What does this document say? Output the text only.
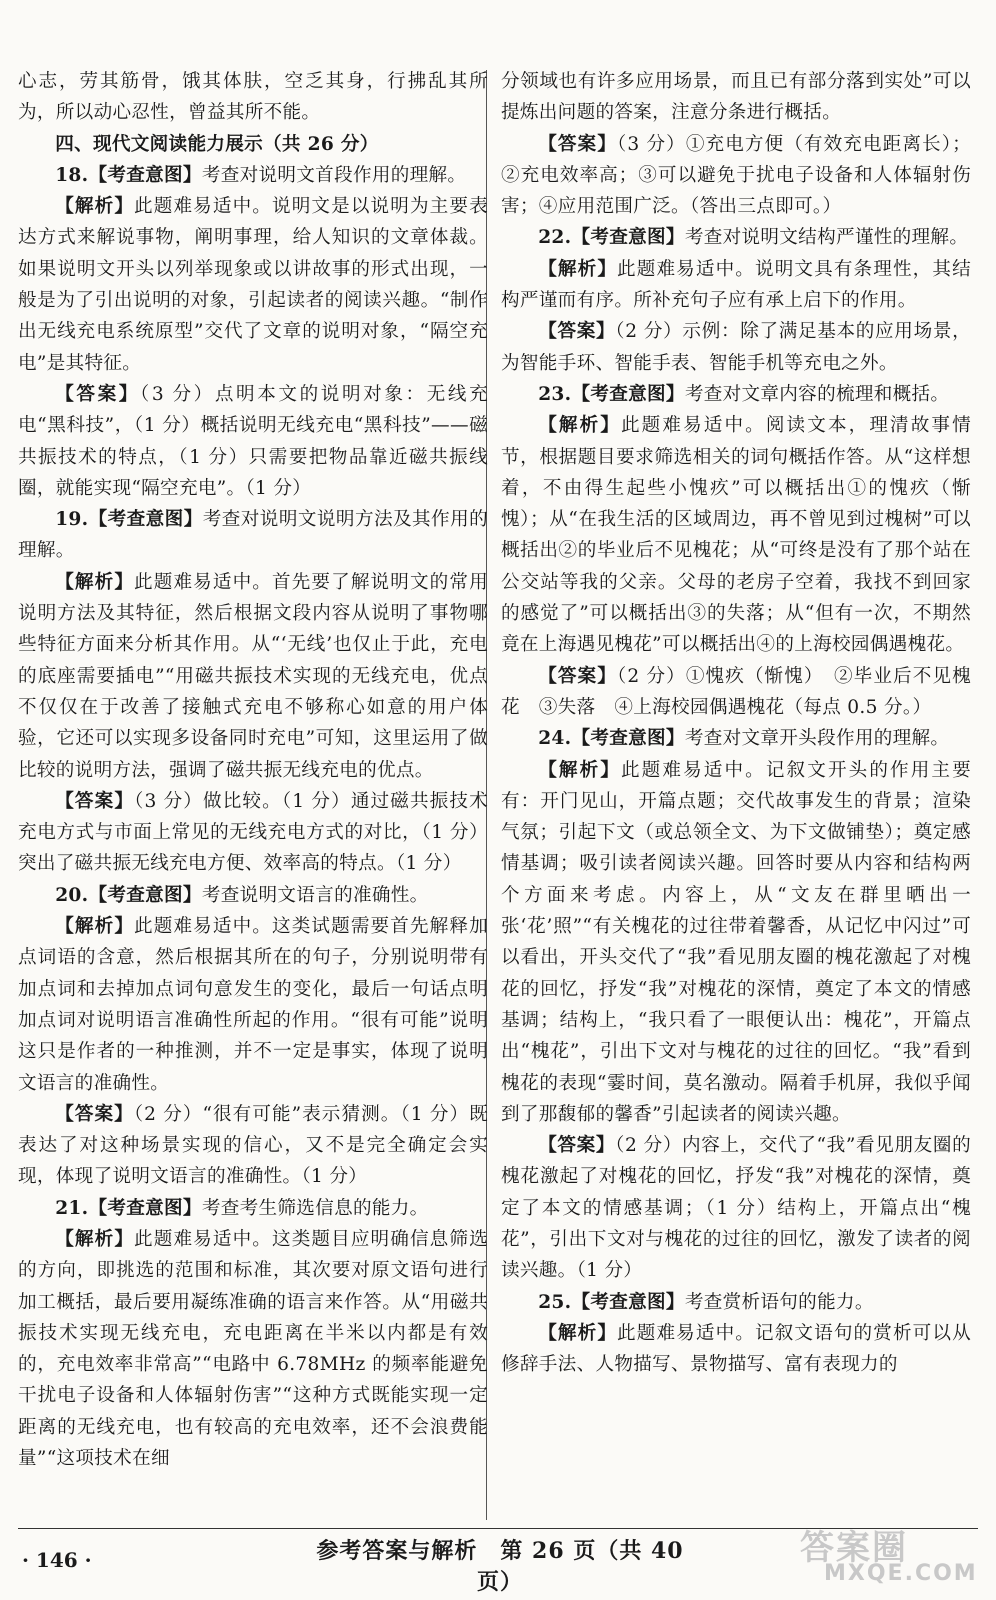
心志，劳其筋骨，饿其体肤，空乏其身，行拂乱其所为，所以动心忍性，曾益其所不能。

四、现代文阅读能力展示（共 26 分）

18.【考查意图】考查对说明文首段作用的理解。

【解析】此题难易适中。说明文是以说明为主要表达方式来解说事物，阐明事理，给人知识的文章体裁。如果说明文开头以列举现象或以讲故事的形式出现，一般是为了引出说明的对象，引起读者的阅读兴趣。“制作出无线充电系统原型”交代了文章的说明对象，“隔空充电”是其特征。

【答案】（3 分）点明本文的说明对象：无线充电“黑科技”，（1 分）概括说明无线充电“黑科技”——磁共振技术的特点，（1 分）只需要把物品靠近磁共振线圈，就能实现“隔空充电”。（1 分）

19.【考查意图】考查对说明文说明方法及其作用的理解。

【解析】此题难易适中。首先要了解说明文的常用说明方法及其特征，然后根据文段内容从说明了事物哪些特征方面来分析其作用。从“‘无线’也仅止于此，充电的底座需要插电”“用磁共振技术实现的无线充电，优点不仅仅在于改善了接触式充电不够称心如意的用户体验，它还可以实现多设备同时充电”可知，这里运用了做比较的说明方法，强调了磁共振无线充电的优点。

【答案】（3 分）做比较。（1 分）通过磁共振技术充电方式与市面上常见的无线充电方式的对比，（1 分）突出了磁共振无线充电方便、效率高的特点。（1 分）

20.【考查意图】考查说明文语言的准确性。

【解析】此题难易适中。这类试题需要首先解释加点词语的含意，然后根据其所在的句子，分别说明带有加点词和去掉加点词句意发生的变化，最后一句话点明加点词对说明语言准确性所起的作用。“很有可能”说明这只是作者的一种推测，并不一定是事实，体现了说明文语言的准确性。

【答案】（2 分）“很有可能”表示猜测。（1 分）既表达了对这种场景实现的信心，又不是完全确定会实现，体现了说明文语言的准确性。（1 分）

21.【考查意图】考查考生筛选信息的能力。

【解析】此题难易适中。这类题目应明确信息筛选的方向，即挑选的范围和标准，其次要对原文语句进行加工概括，最后要用凝练准确的语言来作答。从“用磁共振技术实现无线充电，充电距离在半米以内都是有效的，充电效率非常高”“电路中 6.78MHz 的频率能避免干扰电子设备和人体辐射伤害”“这种方式既能实现一定距离的无线充电，也有较高的充电效率，还不会浪费能量”“这项技术在细

分领域也有许多应用场景，而且已有部分落到实处”可以提炼出问题的答案，注意分条进行概括。

【答案】（3 分）①充电方便（有效充电距离长）；②充电效率高；③可以避免于扰电子设备和人体辐射伤害；④应用范围广泛。（答出三点即可。）

22.【考查意图】考查对说明文结构严谨性的理解。

【解析】此题难易适中。说明文具有条理性，其结构严谨而有序。所补充句子应有承上启下的作用。

【答案】（2 分）示例：除了满足基本的应用场景，为智能手环、智能手表、智能手机等充电之外。

23.【考查意图】考查对文章内容的梳理和概括。

【解析】此题难易适中。阅读文本，理清故事情节，根据题目要求筛选相关的词句概括作答。从“这样想着，不由得生起些小愧疚”可以概括出①的愧疚（惭愧）；从“在我生活的区域周边，再不曾见到过槐树”可以概括出②的毕业后不见槐花；从“可终是没有了那个站在公交站等我的父亲。父母的老房子空着，我找不到回家的感觉了”可以概括出③的失落；从“但有一次，不期然竟在上海遇见槐花”可以概括出④的上海校园偶遇槐花。

【答案】（2 分）①愧疚（惭愧）　②毕业后不见槐花　③失落　④上海校园偶遇槐花（每点 0.5 分。）

24.【考查意图】考查对文章开头段作用的理解。

【解析】此题难易适中。记叙文开头的作用主要有：开门见山，开篇点题；交代故事发生的背景；渲染气氛；引起下文（或总领全文、为下文做铺垫）；奠定感情基调；吸引读者阅读兴趣。回答时要从内容和结构两个方面来考虑。内容上，从“文友在群里晒出一张‘花’照”“有关槐花的过往带着馨香，从记忆中闪过”可以看出，开头交代了“我”看见朋友圈的槐花激起了对槐花的回忆，抒发“我”对槐花的深情，奠定了本文的情感基调；结构上，“我只看了一眼便认出：槐花”，开篇点出“槐花”，引出下文对与槐花的过往的回忆。“我”看到槐花的表现“霎时间，莫名激动。隔着手机屏，我似乎闻到了那馥郁的馨香”引起读者的阅读兴趣。

【答案】（2 分）内容上，交代了“我”看见朋友圈的槐花激起了对槐花的回忆，抒发“我”对槐花的深情，奠定了本文的情感基调；（1 分）结构上，开篇点出“槐花”，引出下文对与槐花的过往的回忆，激发了读者的阅读兴趣。（1 分）

25.【考查意图】考查赏析语句的能力。

【解析】此题难易适中。记叙文语句的赏析可以从修辞手法、人物描写、景物描写、富有表现力的

· 146 ·	参考答案与解析　第 26 页（共 40 页）
答案圈
MXQE.COM
